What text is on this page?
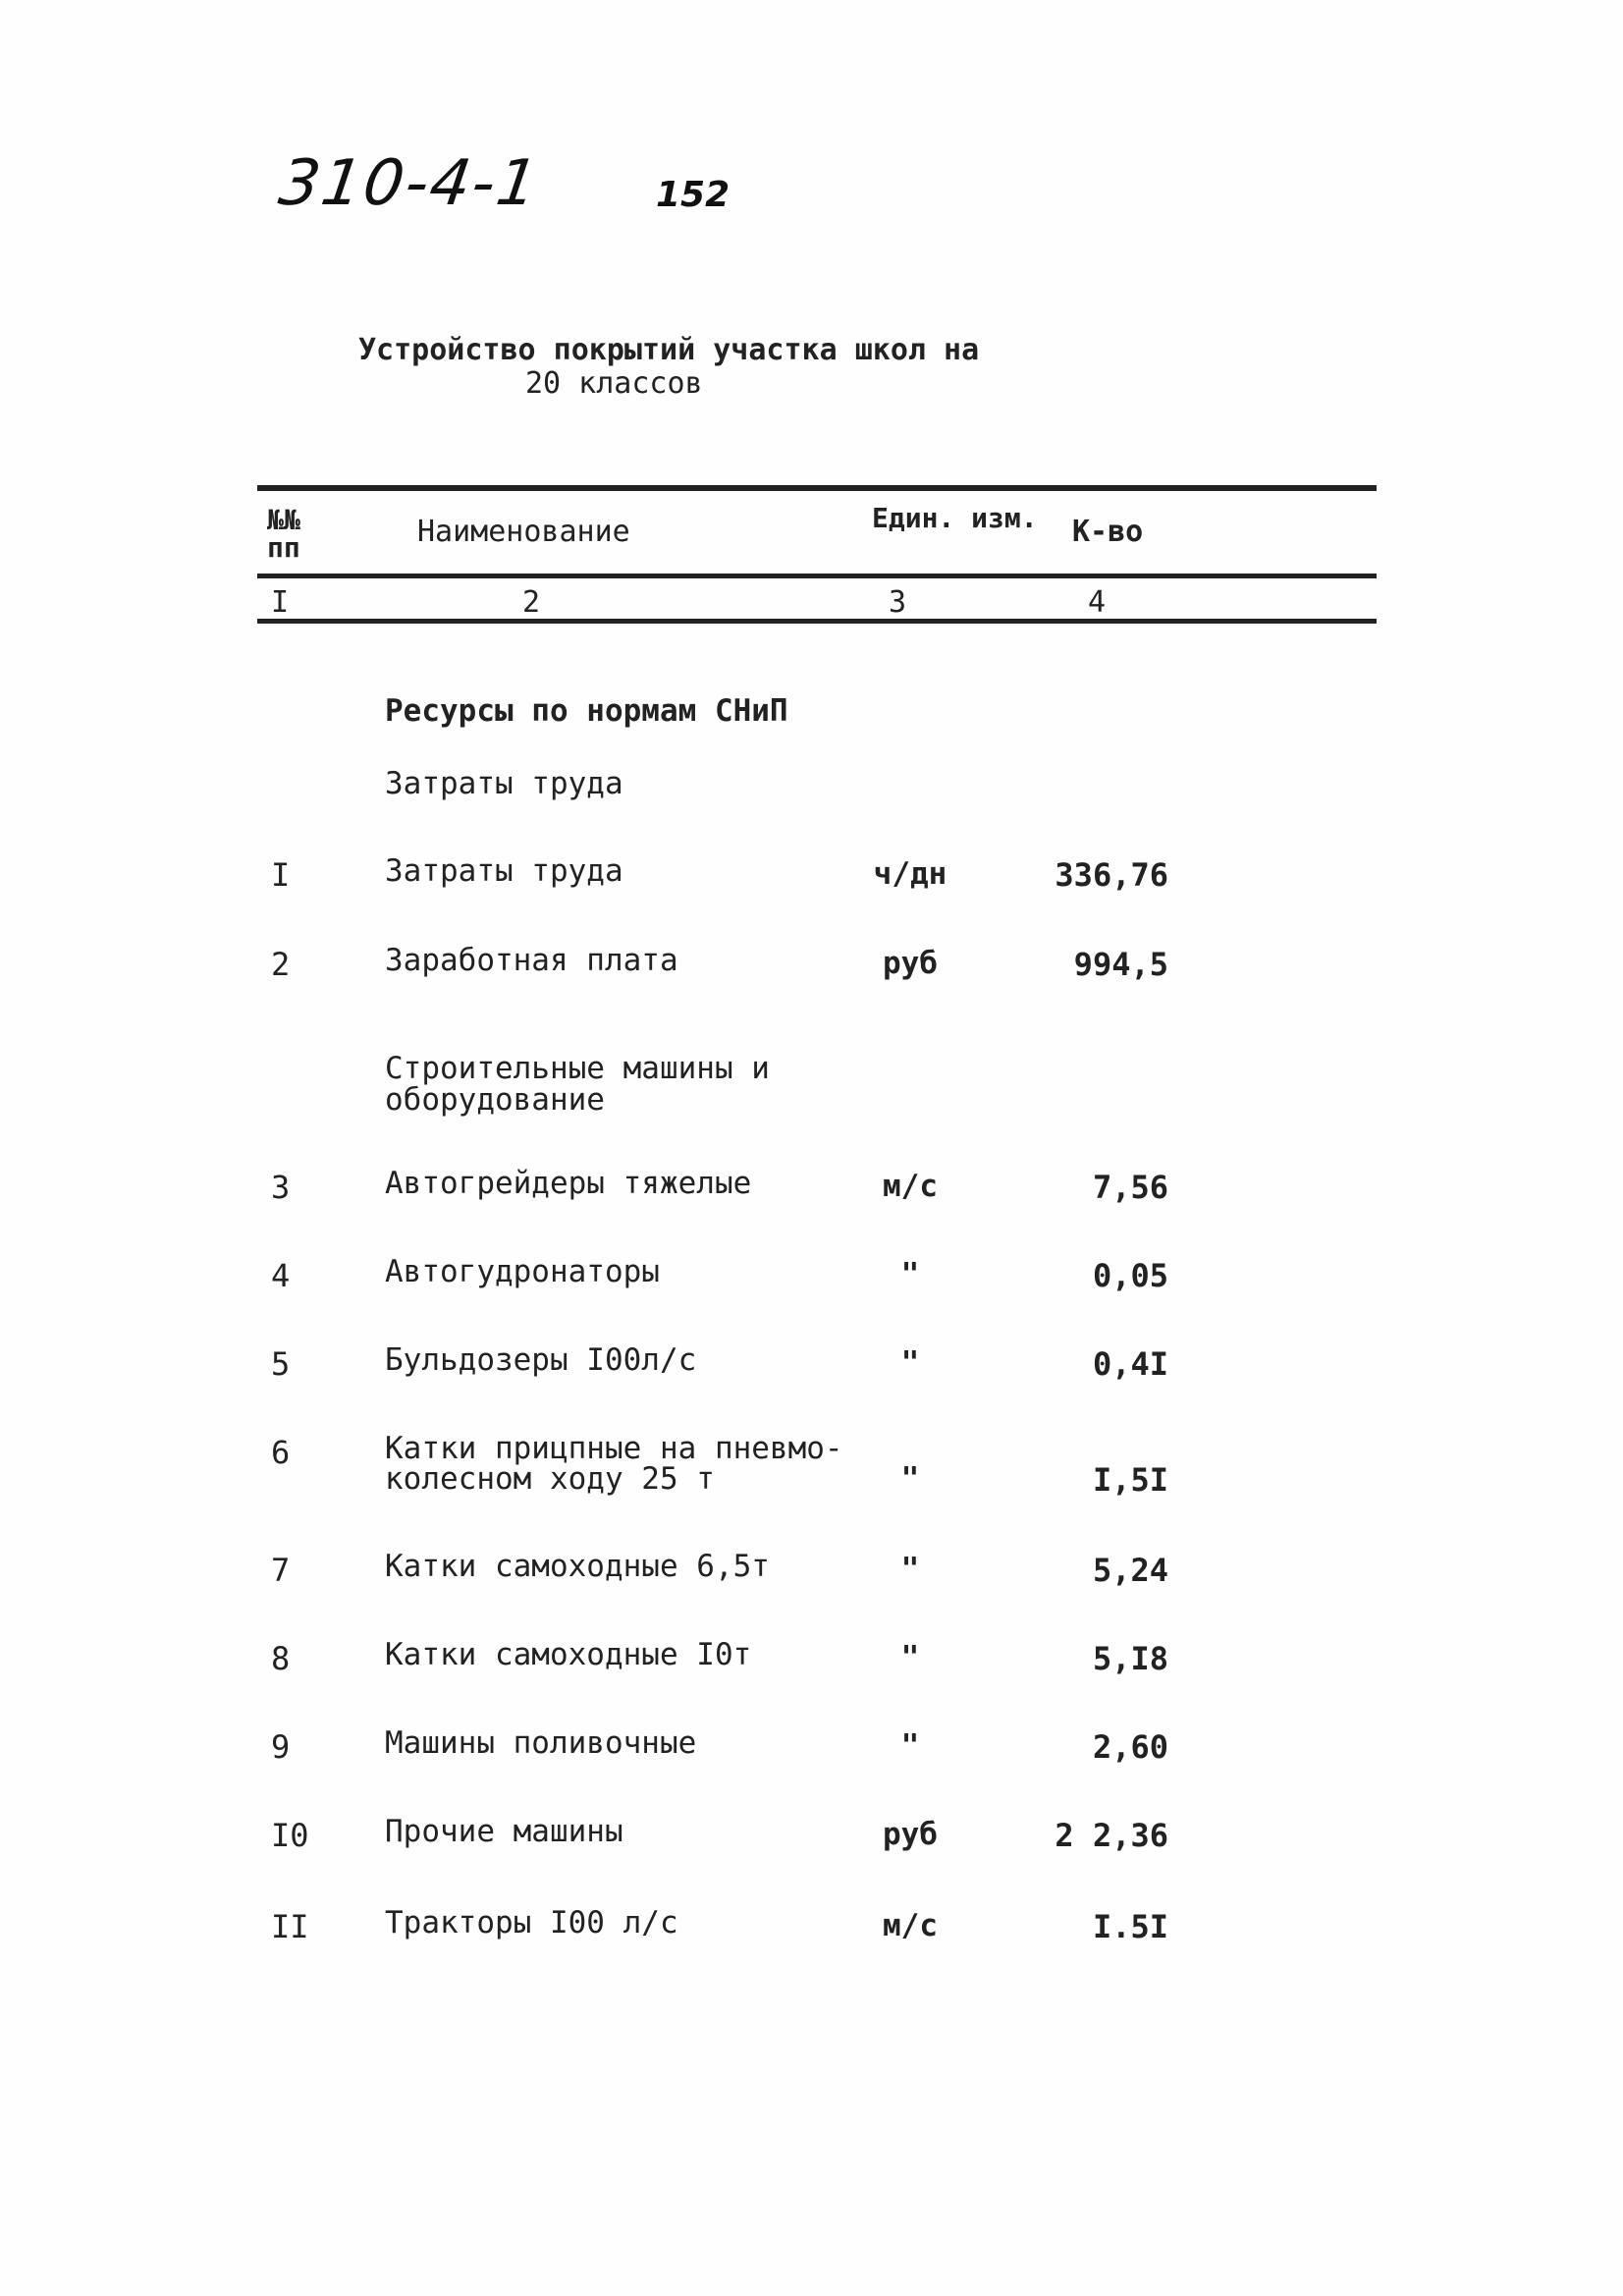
310-4-1	152
Устройство покрытий участка школ на
20 классов
№№ пп	Наименование	Един. изм. К-во
I	2	3	4
Ресурсы по нормам СНиП
Затраты труда
I	Затраты труда	ч/дн	336,76
2	Заработная плата	руб	994,5
Строительные машины и
оборудование
3	Автогрейдеры тяжелые	м/с	7,56
4	Автогудронаторы	"	0,05
5	Бульдозеры I00л/с	"	0,4I
6	Катки прицпные на пневмо-
колесном ходу 25 т	"	I,5I
7	Катки самоходные 6,5т	"	5,24
8	Катки самоходные I0т	"	5,I8
9	Машины поливочные	"	2,60
I0 Прочие машины	руб	2 2,36
II Тракторы I00 л/с	м/с	I.5I
